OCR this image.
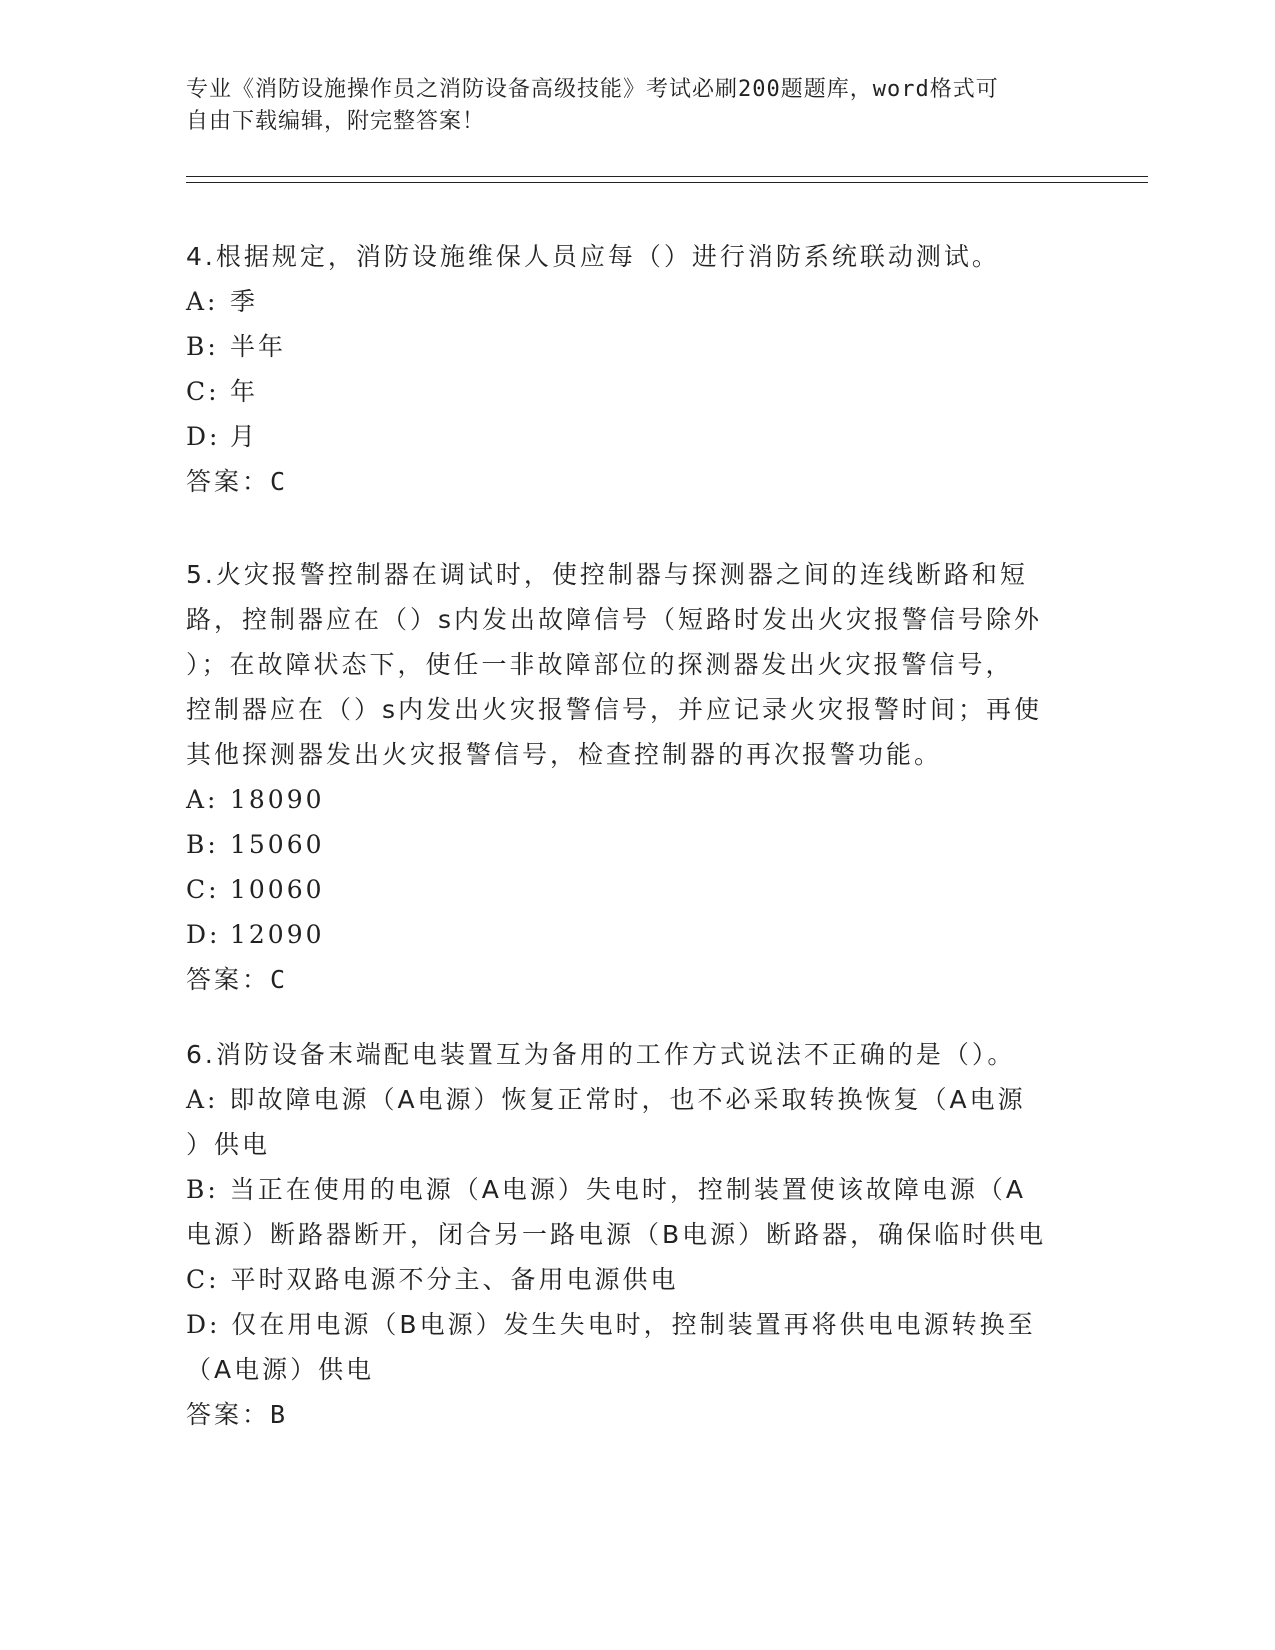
专业《消防设施操作员之消防设备高级技能》考试必刷200题题库，word格式可
自由下载编辑，附完整答案！

4.根据规定，消防设施维保人员应每（）进行消防系统联动测试。

A: 季
B: 半年
C: 年
D: 月

答案：C

5.火灾报警控制器在调试时，使控制器与探测器之间的连线断路和短

路，控制器应在（）s内发出故障信号（短路时发出火灾报警信号除外

）；在故障状态下，使任一非故障部位的探测器发出火灾报警信号，

控制器应在（）s内发出火灾报警信号，并应记录火灾报警时间；再使

其他探测器发出火灾报警信号，检查控制器的再次报警功能。

A: 18090
B: 15060
C: 10060
D: 12090

答案：C

6.消防设备末端配电装置互为备用的工作方式说法不正确的是（）。

A: 即故障电源（A电源）恢复正常时，也不必采取转换恢复（A电源
）供电
B: 当正在使用的电源（A电源）失电时，控制装置使该故障电源（A
电源）断路器断开，闭合另一路电源（B电源）断路器，确保临时供电
C: 平时双路电源不分主、备用电源供电
D: 仅在用电源（B电源）发生失电时，控制装置再将供电电源转换至
（A电源）供电

答案：B
